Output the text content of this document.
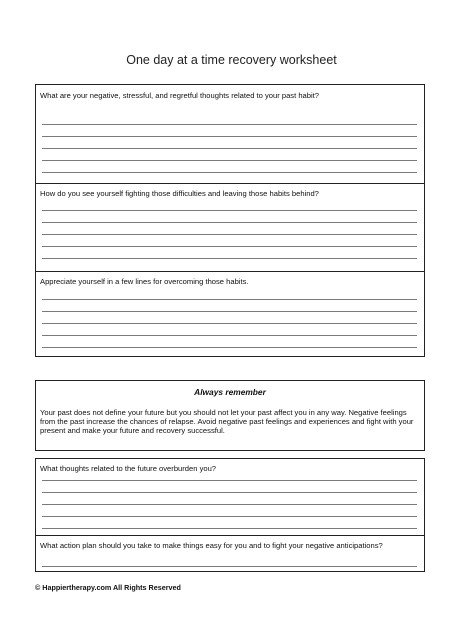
One day at a time recovery worksheet
What are your negative, stressful, and regretful thoughts related to your past habit?
How do you see yourself fighting those difficulties and leaving those habits behind?
Appreciate yourself in a few lines for overcoming those habits.
Always remember
Your past does not define your future but you should not let your past affect you in any way. Negative feelings from the past increase the chances of relapse. Avoid negative past feelings and experiences and fight with your present and make your future and recovery successful.
What thoughts related to the future overburden you?
What action plan should you take to make things easy for you and to fight your negative anticipations?
© Happiertherapy.com All Rights Reserved
